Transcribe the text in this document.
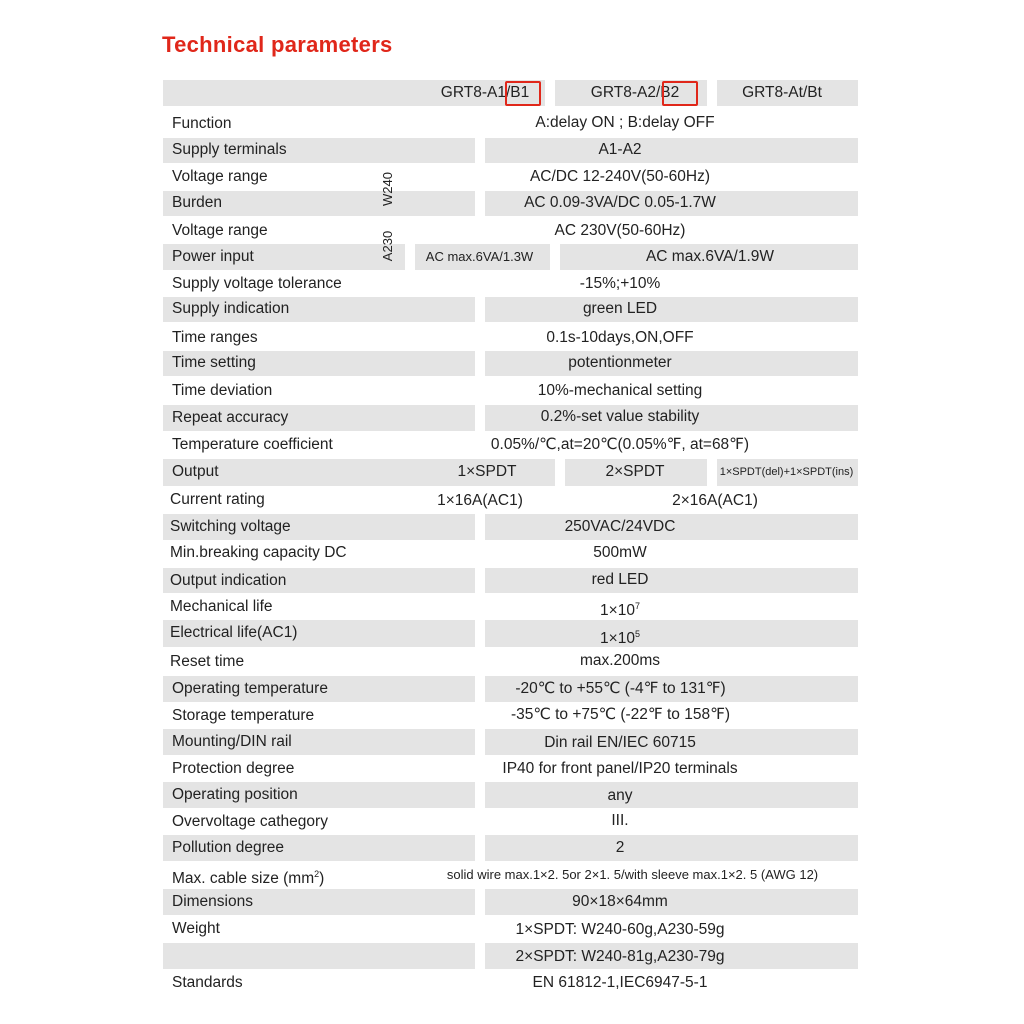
Technical parameters
GRT8-A1/B1	GRT8-A2/B2	GRT8-At/Bt
Function	A:delay ON ; B:delay OFF
Supply terminals	A1-A2
Voltage range	AC/DC 12-240V(50-60Hz)
Burden	AC 0.09-3VA/DC 0.05-1.7W
W240
Voltage range	AC 230V(50-60Hz)
Power input	AC max.6VA/1.3W	AC max.6VA/1.9W
A230
Supply voltage tolerance	-15%;+10%
Supply indication	green LED
Time ranges	0.1s-10days,ON,OFF
Time setting	potentionmeter
Time deviation	10%-mechanical setting
Repeat accuracy	0.2%-set value stability
Temperature coefficient	0.05%/℃,at=20℃(0.05%℉, at=68℉)
Output	1×SPDT	2×SPDT	1×SPDT(del)+1×SPDT(ins)
Current rating	1×16A(AC1)	2×16A(AC1)
Switching voltage	250VAC/24VDC
Min.breaking capacity DC	500mW
Output indication	red LED
Mechanical life	$1\times 10^7$
Electrical life(AC1)	$1\times 10^5$
Reset time	max.200ms
Operating temperature	-20℃ to +55℃ (-4℉ to 131℉)
Storage temperature	-35℃ to +75℃ (-22℉ to 158℉)
Mounting/DIN rail	Din rail EN/IEC 60715
Protection degree	IP40 for front panel/IP20 terminals
Operating position	any
Overvoltage cathegory	III.
Pollution degree	2
Max. cable size $(mm^2)$	solid wire max.1×2. 5or 2×1. 5/with sleeve max.1×2. 5 (AWG 12)
Dimensions	90×18×64mm
Weight	1×SPDT: W240-60g,A230-59g
2×SPDT: W240-81g,A230-79g
Standards	EN 61812-1,IEC6947-5-1
